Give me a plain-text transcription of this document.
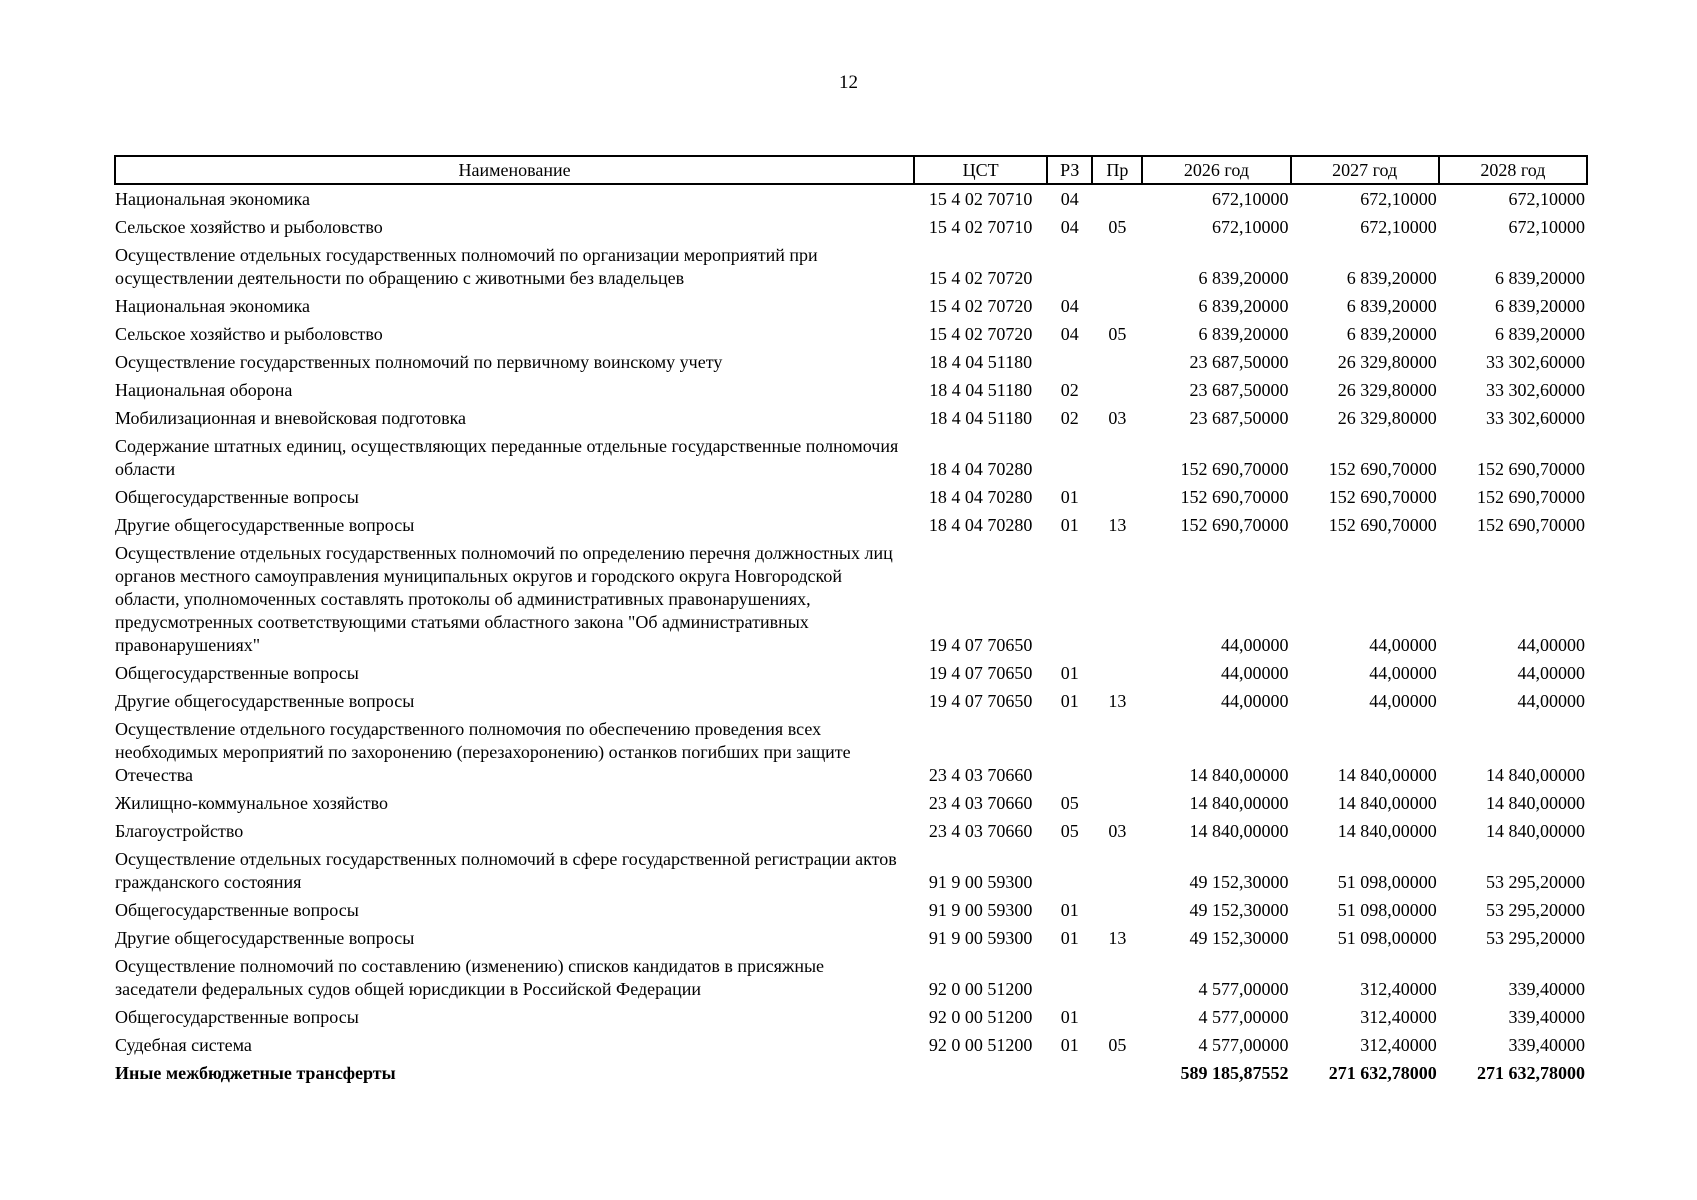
12
Наименование	ЦСТ	РЗ	Пр	2026 год	2027 год	2028 год
Национальная экономика	15 4 02 70710	04		672,10000	672,10000	672,10000
Сельское хозяйство и рыболовство	15 4 02 70710	04	05	672,10000	672,10000	672,10000
Осуществление отдельных государственных полномочий по организации мероприятий при осуществлении деятельности по обращению с животными без владельцев	15 4 02 70720			6 839,20000	6 839,20000	6 839,20000
Национальная экономика	15 4 02 70720	04		6 839,20000	6 839,20000	6 839,20000
Сельское хозяйство и рыболовство	15 4 02 70720	04	05	6 839,20000	6 839,20000	6 839,20000
Осуществление государственных полномочий по первичному воинскому учету	18 4 04 51180			23 687,50000	26 329,80000	33 302,60000
Национальная оборона	18 4 04 51180	02		23 687,50000	26 329,80000	33 302,60000
Мобилизационная и вневойсковая подготовка	18 4 04 51180	02	03	23 687,50000	26 329,80000	33 302,60000
Содержание штатных единиц, осуществляющих переданные отдельные государственные полномочия области	18 4 04 70280			152 690,70000	152 690,70000	152 690,70000
Общегосударственные вопросы	18 4 04 70280	01		152 690,70000	152 690,70000	152 690,70000
Другие общегосударственные вопросы	18 4 04 70280	01	13	152 690,70000	152 690,70000	152 690,70000
Осуществление отдельных государственных полномочий по определению перечня должностных лиц органов местного самоуправления муниципальных округов и городского округа Новгородской области, уполномоченных составлять протоколы об административных правонарушениях, предусмотренных соответствующими статьями областного закона "Об административных правонарушениях"	19 4 07 70650			44,00000	44,00000	44,00000
Общегосударственные вопросы	19 4 07 70650	01		44,00000	44,00000	44,00000
Другие общегосударственные вопросы	19 4 07 70650	01	13	44,00000	44,00000	44,00000
Осуществление отдельного государственного полномочия по обеспечению проведения всех необходимых мероприятий по захоронению (перезахоронению) останков погибших при защите Отечества	23 4 03 70660			14 840,00000	14 840,00000	14 840,00000
Жилищно-коммунальное хозяйство	23 4 03 70660	05		14 840,00000	14 840,00000	14 840,00000
Благоустройство	23 4 03 70660	05	03	14 840,00000	14 840,00000	14 840,00000
Осуществление отдельных государственных полномочий в сфере государственной регистрации актов гражданского состояния	91 9 00 59300			49 152,30000	51 098,00000	53 295,20000
Общегосударственные вопросы	91 9 00 59300	01		49 152,30000	51 098,00000	53 295,20000
Другие общегосударственные вопросы	91 9 00 59300	01	13	49 152,30000	51 098,00000	53 295,20000
Осуществление полномочий по составлению (изменению) списков кандидатов в присяжные заседатели федеральных судов общей юрисдикции в Российской Федерации	92 0 00 51200			4 577,00000	312,40000	339,40000
Общегосударственные вопросы	92 0 00 51200	01		4 577,00000	312,40000	339,40000
Судебная система	92 0 00 51200	01	05	4 577,00000	312,40000	339,40000
Иные межбюджетные трансферты				589 185,87552	271 632,78000	271 632,78000
